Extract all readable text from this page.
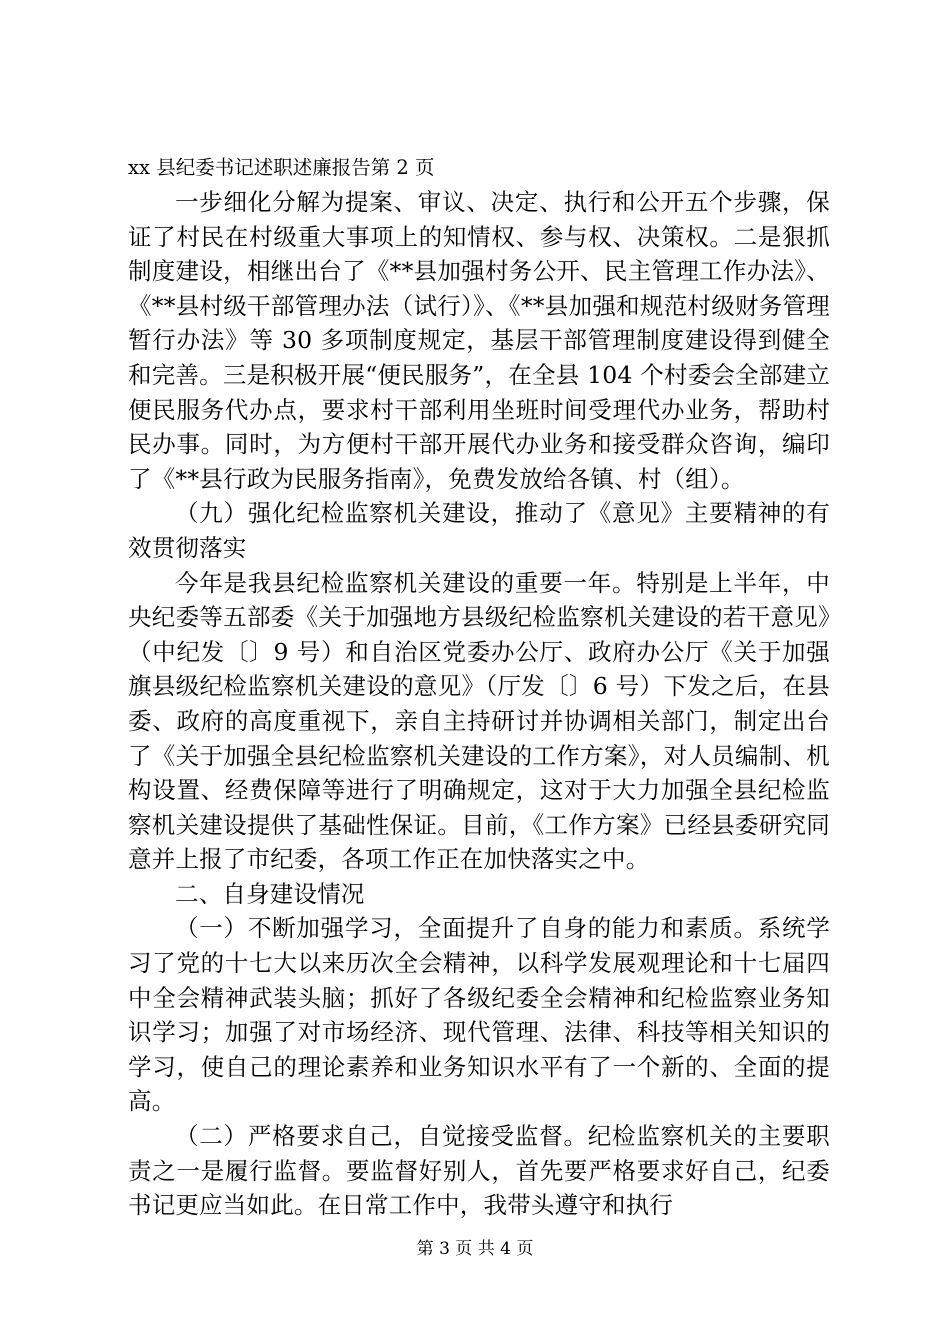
xx 县纪委书记述职述廉报告第 2 页

一步细化分解为提案、审议、决定、执行和公开五个步骤，保证了村民在村级重大事项上的知情权、参与权、决策权。二是狠抓制度建设，相继出台了《**县加强村务公开、民主管理工作办法》、《**县村级干部管理办法（试行）》、《**县加强和规范村级财务管理暂行办法》等 30 多项制度规定，基层干部管理制度建设得到健全和完善。三是积极开展“便民服务”，在全县 104 个村委会全部建立便民服务代办点，要求村干部利用坐班时间受理代办业务，帮助村民办事。同时，为方便村干部开展代办业务和接受群众咨询，编印了《**县行政为民服务指南》，免费发放给各镇、村（组）。

（九）强化纪检监察机关建设，推动了《意见》主要精神的有效贯彻落实

今年是我县纪检监察机关建设的重要一年。特别是上半年，中央纪委等五部委《关于加强地方县级纪检监察机关建设的若干意见》（中纪发〔〕9 号）和自治区党委办公厅、政府办公厅《关于加强旗县级纪检监察机关建设的意见》（厅发〔〕6 号）下发之后，在县委、政府的高度重视下，亲自主持研讨并协调相关部门，制定出台了《关于加强全县纪检监察机关建设的工作方案》，对人员编制、机构设置、经费保障等进行了明确规定，这对于大力加强全县纪检监察机关建设提供了基础性保证。目前，《工作方案》已经县委研究同意并上报了市纪委，各项工作正在加快落实之中。

二、自身建设情况

（一）不断加强学习，全面提升了自身的能力和素质。系统学习了党的十七大以来历次全会精神，以科学发展观理论和十七届四中全会精神武装头脑；抓好了各级纪委全会精神和纪检监察业务知识学习；加强了对市场经济、现代管理、法律、科技等相关知识的学习，使自己的理论素养和业务知识水平有了一个新的、全面的提高。

（二）严格要求自己，自觉接受监督。纪检监察机关的主要职责之一是履行监督。要监督好别人，首先要严格要求好自己，纪委书记更应当如此。在日常工作中，我带头遵守和执行

第 3 页 共 4 页
